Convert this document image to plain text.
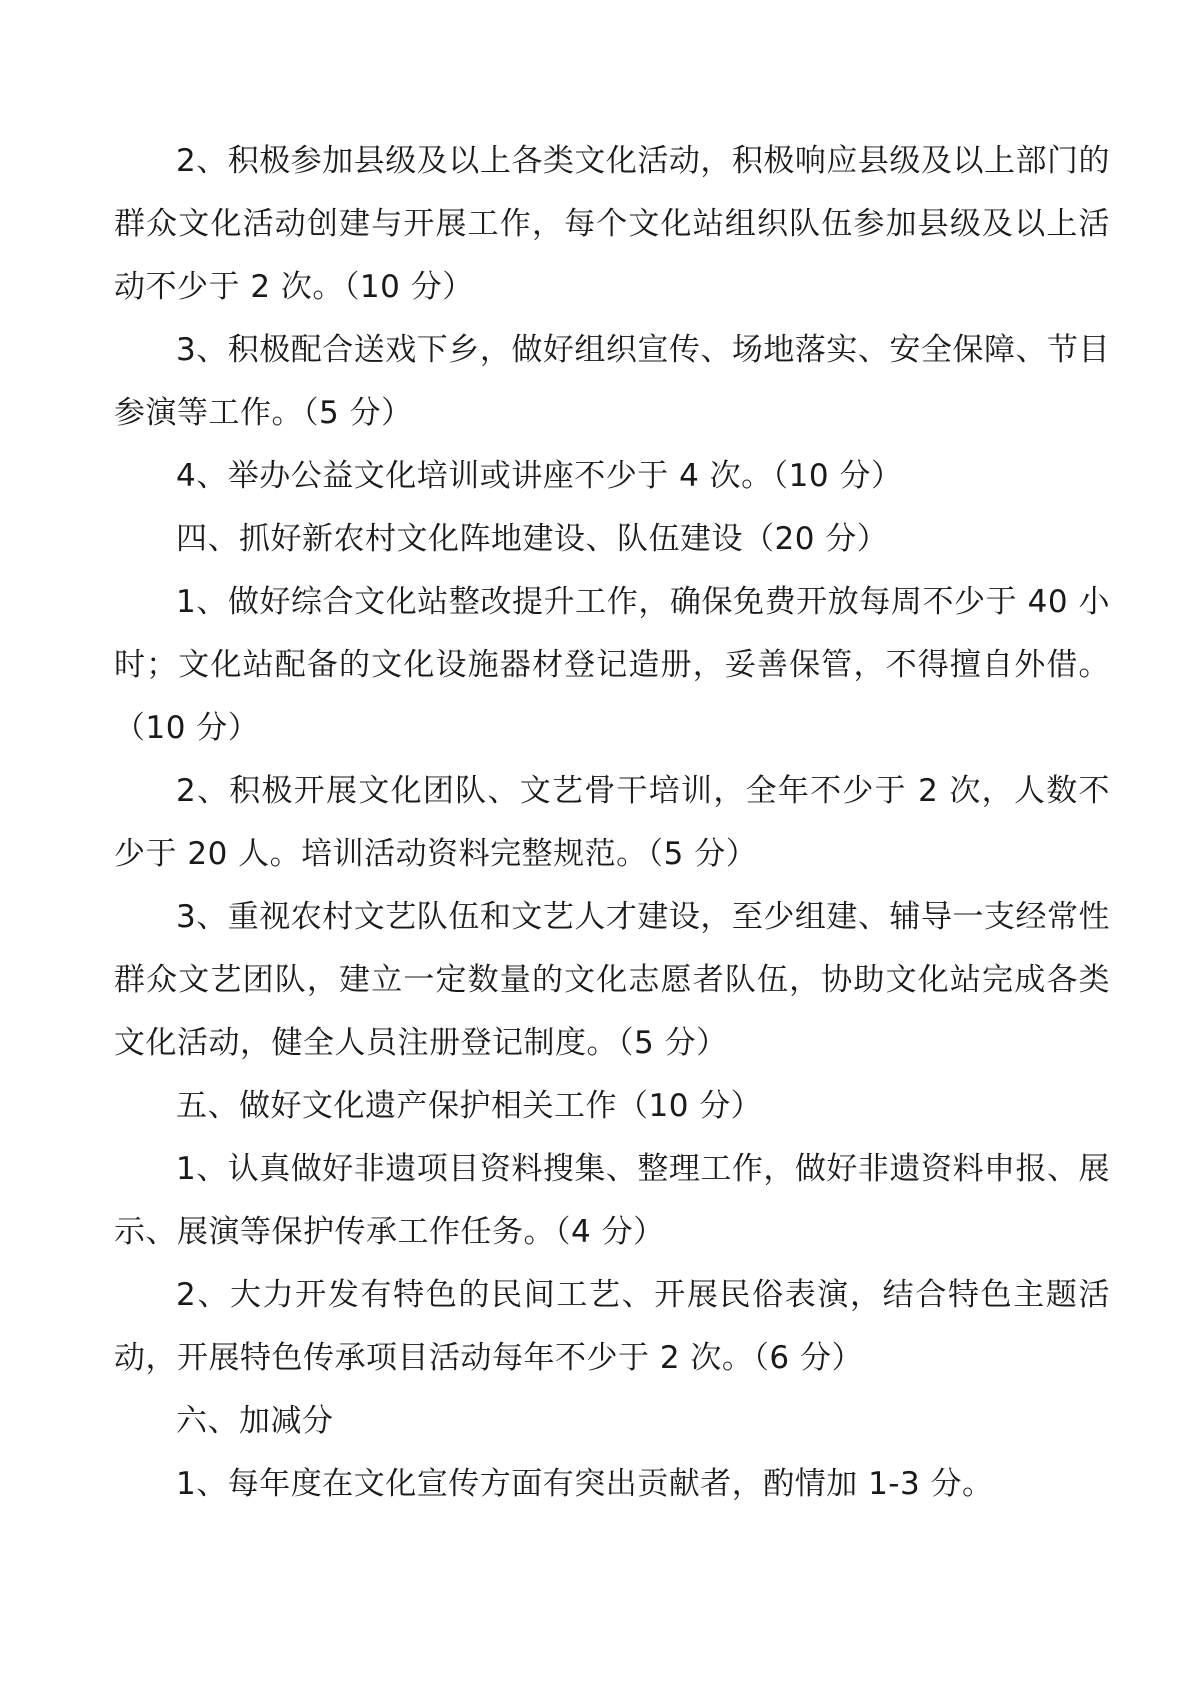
2、积极参加县级及以上各类文化活动，积极响应县级及以上部门的群众文化活动创建与开展工作，每个文化站组织队伍参加县级及以上活动不少于 2 次。（10 分）

3、积极配合送戏下乡，做好组织宣传、场地落实、安全保障、节目参演等工作。（5 分）

4、举办公益文化培训或讲座不少于 4 次。（10 分）

四、抓好新农村文化阵地建设、队伍建设（20 分）

1、做好综合文化站整改提升工作，确保免费开放每周不少于 40 小时；文化站配备的文化设施器材登记造册，妥善保管，不得擅自外借。（10 分）

2、积极开展文化团队、文艺骨干培训，全年不少于 2 次，人数不少于 20 人。培训活动资料完整规范。（5 分）

3、重视农村文艺队伍和文艺人才建设，至少组建、辅导一支经常性群众文艺团队，建立一定数量的文化志愿者队伍，协助文化站完成各类文化活动，健全人员注册登记制度。（5 分）

五、做好文化遗产保护相关工作（10 分）

1、认真做好非遗项目资料搜集、整理工作，做好非遗资料申报、展示、展演等保护传承工作任务。（4 分）

2、大力开发有特色的民间工艺、开展民俗表演，结合特色主题活动，开展特色传承项目活动每年不少于 2 次。（6 分）

六、加减分

1、每年度在文化宣传方面有突出贡献者，酌情加 1-3 分。
